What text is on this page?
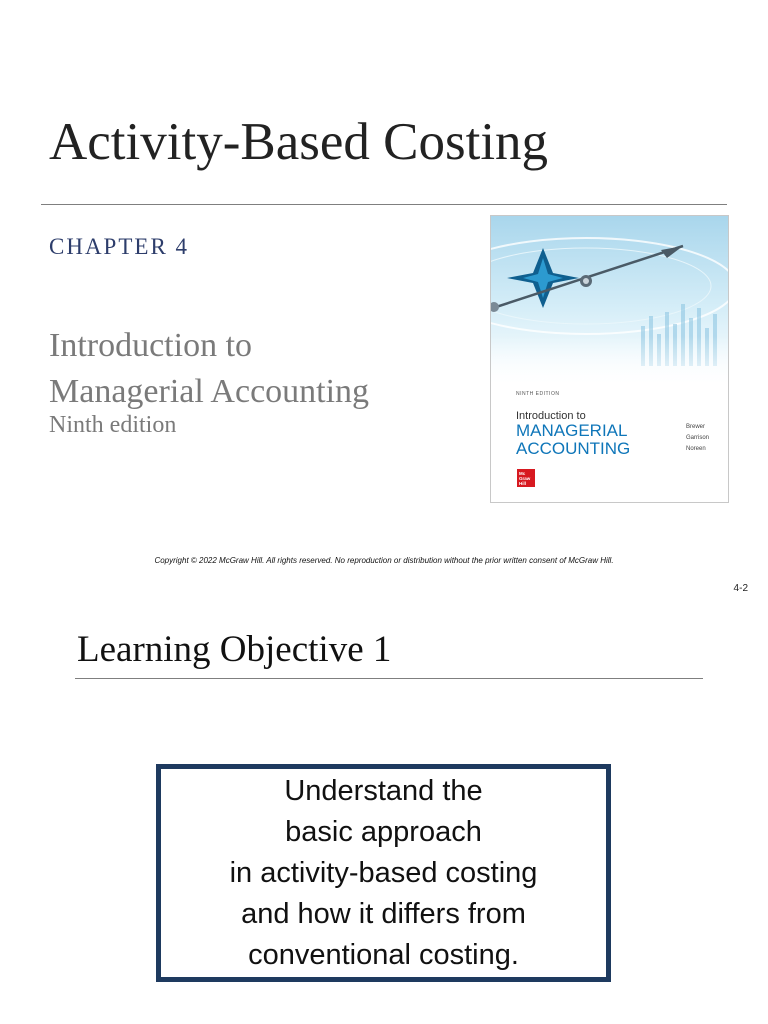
Activity-Based Costing
CHAPTER 4
Introduction to
Managerial Accounting
Ninth edition
NINTH EDITION
Introduction to
MANAGERIAL
ACCOUNTING
Brewer
Garrison
Noreen
Mc
Graw
Hill
Copyright © 2022 McGraw Hill. All rights reserved. No reproduction or distribution without the prior written consent of McGraw Hill.
4-2
Learning Objective 1
Understand the
basic approach
in activity-based costing
and how it differs from
conventional costing.
